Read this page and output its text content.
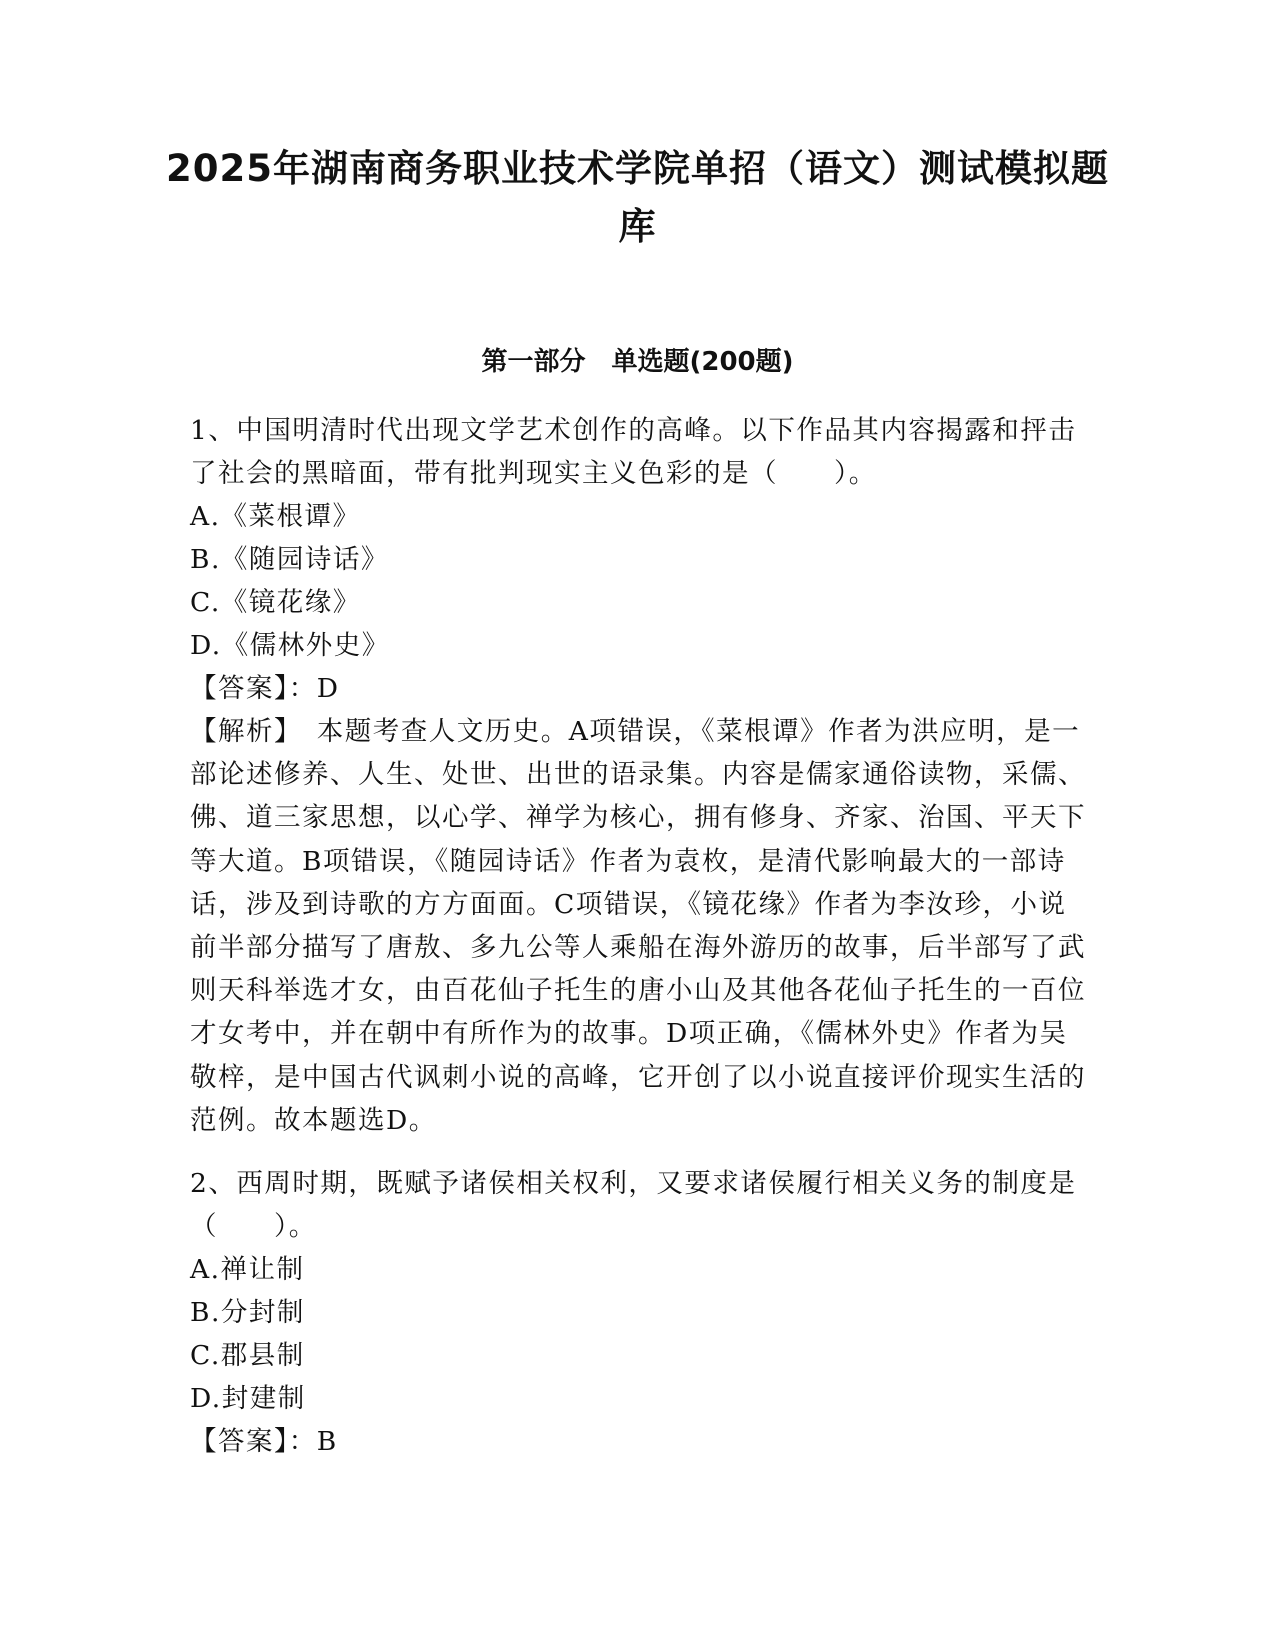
2025年湖南商务职业技术学院单招（语文）测试模拟题库
第一部分　单选题(200题)

1、中国明清时代出现文学艺术创作的高峰。以下作品其内容揭露和抨击了社会的黑暗面，带有批判现实主义色彩的是（　　）。

A.《菜根谭》
B.《随园诗话》
C.《镜花缘》
D.《儒林外史》
【答案】：D

【解析】　本题考查人文历史。A项错误，《菜根谭》作者为洪应明，是一部论述修养、人生、处世、出世的语录集。内容是儒家通俗读物，采儒、佛、道三家思想，以心学、禅学为核心，拥有修身、齐家、治国、平天下等大道。B项错误，《随园诗话》作者为袁枚，是清代影响最大的一部诗话，涉及到诗歌的方方面面。C项错误，《镜花缘》作者为李汝珍，小说前半部分描写了唐敖、多九公等人乘船在海外游历的故事，后半部写了武则天科举选才女，由百花仙子托生的唐小山及其他各花仙子托生的一百位才女考中，并在朝中有所作为的故事。D项正确，《儒林外史》作者为吴敬梓，是中国古代讽刺小说的高峰，它开创了以小说直接评价现实生活的范例。故本题选D。

2、西周时期，既赋予诸侯相关权利，又要求诸侯履行相关义务的制度是（　　）。

A.禅让制
B.分封制
C.郡县制
D.封建制
【答案】：B
